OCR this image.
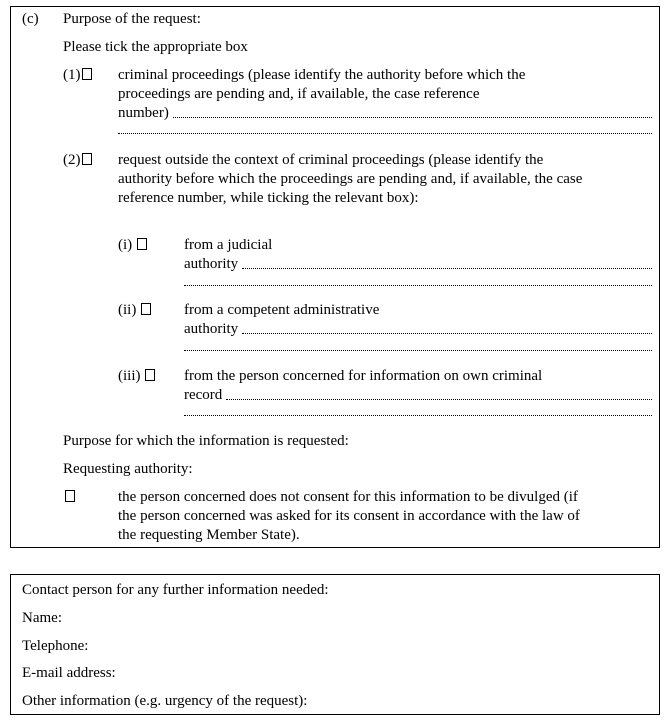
(c) Purpose of the request:
Please tick the appropriate box
(1)	criminal proceedings (please identify the authority before which the
proceedings are pending and, if available, the case reference
number)
(2)	request outside the context of criminal proceedings (please identify the
authority before which the proceedings are pending and, if available, the case
reference number, while ticking the relevant box):
(i)	from a judicial
authority
(ii)	from a competent administrative
authority
(iii)	from the person concerned for information on own criminal
record
Purpose for which the information is requested:
Requesting authority:
the person concerned does not consent for this information to be divulged (if
the person concerned was asked for its consent in accordance with the law of
the requesting Member State).
Contact person for any further information needed:
Name:
Telephone:
E-mail address:
Other information (e.g. urgency of the request):
